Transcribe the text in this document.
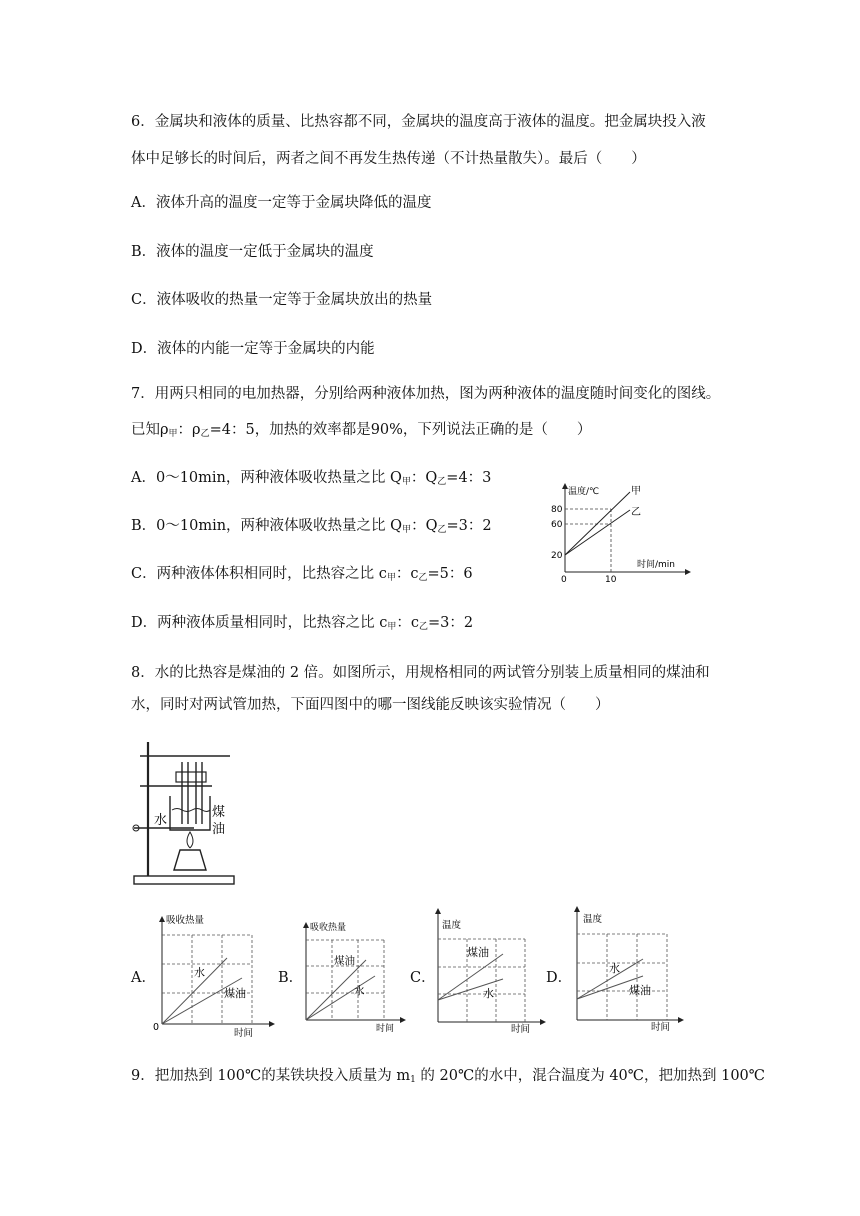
6．金属块和液体的质量、比热容都不同，金属块的温度高于液体的温度。把金属块投入液
体中足够长的时间后，两者之间不再发生热传递（不计热量散失）。最后（　　）
A．液体升高的温度一定等于金属块降低的温度
B．液体的温度一定低于金属块的温度
C．液体吸收的热量一定等于金属块放出的热量
D．液体的内能一定等于金属块的内能
7．用两只相同的电加热器，分别给两种液体加热，图为两种液体的温度随时间变化的图线。
已知$\rho_甲$：$\rho_乙=4$：5，加热的效率都是90%，下列说法正确的是（　　）
A．0～10min，两种液体吸收热量之比 $Q_甲$：$Q_乙=4$：3
B．0～10min，两种液体吸收热量之比 $Q_甲$：$Q_乙=3$：2
C．两种液体体积相同时，比热容之比 $c_甲$：$c_乙=5$：6
D．两种液体质量相同时，比热容之比 $c_甲$：$c_乙=3$：2
温度/℃
时间/min
80
60
20
0	10
甲
乙
8．水的比热容是煤油的 2 倍。如图所示，用规格相同的两试管分别装上质量相同的煤油和
水，同时对两试管加热，下面四图中的哪一图线能反映该实验情况（　　）
水
煤
油
A．
吸收热量
时间
0
水
煤油
B．
吸收热量
时间
煤油
水
C．
温度
时间
煤油
水
D．
温度
时间
水
煤油
9．把加热到 100℃的某铁块投入质量为 $m_1$ 的 20℃的水中，混合温度为 40℃，把加热到 100℃
